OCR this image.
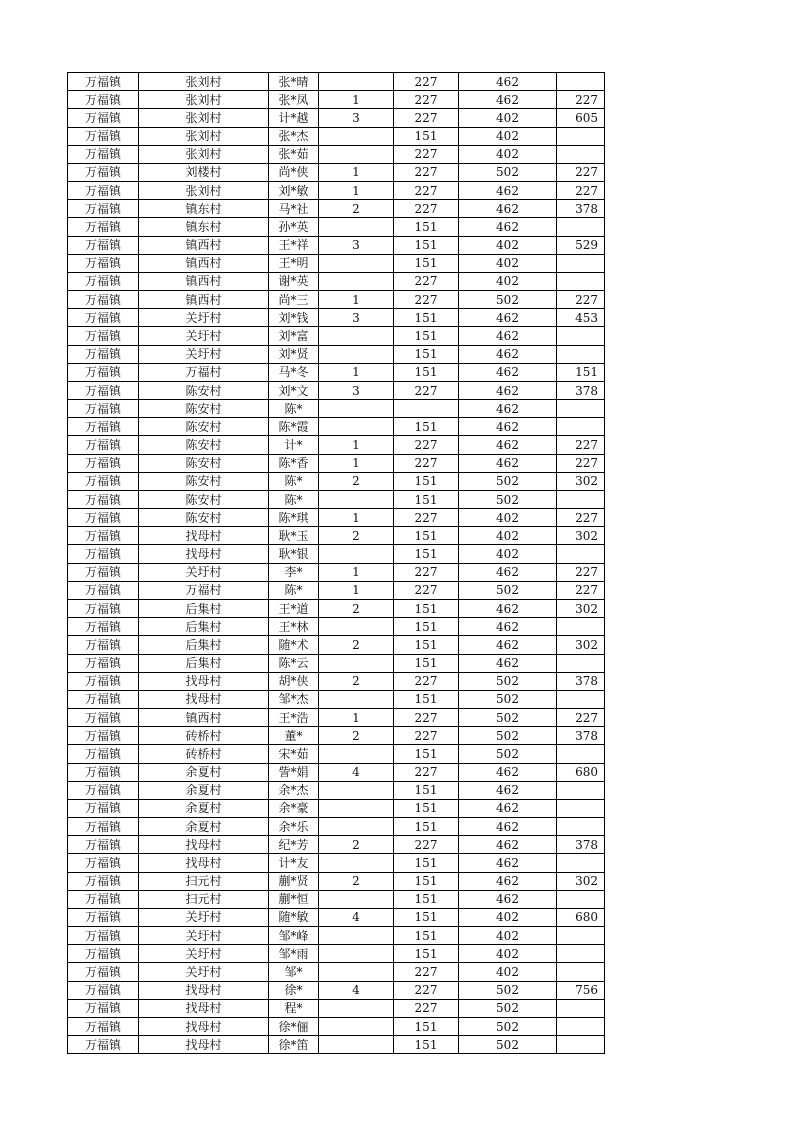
万福镇	张刘村	张*晴		227	462	
万福镇	张刘村	张*凤	1	227	462	227
万福镇	张刘村	计*越	3	227	402	605
万福镇	张刘村	张*杰		151	402	
万福镇	张刘村	张*茹		227	402	
万福镇	刘楼村	尚*侠	1	227	502	227
万福镇	张刘村	刘*敏	1	227	462	227
万福镇	镇东村	马*社	2	227	462	378
万福镇	镇东村	孙*英		151	462	
万福镇	镇西村	王*祥	3	151	402	529
万福镇	镇西村	王*明		151	402	
万福镇	镇西村	谢*英		227	402	
万福镇	镇西村	尚*三	1	227	502	227
万福镇	关圩村	刘*钱	3	151	462	453
万福镇	关圩村	刘*富		151	462	
万福镇	关圩村	刘*贤		151	462	
万福镇	万福村	马*冬	1	151	462	151
万福镇	陈安村	刘*文	3	227	462	378
万福镇	陈安村	陈*			462	
万福镇	陈安村	陈*霞		151	462	
万福镇	陈安村	计*	1	227	462	227
万福镇	陈安村	陈*香	1	227	462	227
万福镇	陈安村	陈*	2	151	502	302
万福镇	陈安村	陈*		151	502	
万福镇	陈安村	陈*琪	1	227	402	227
万福镇	找母村	耿*玉	2	151	402	302
万福镇	找母村	耿*银		151	402	
万福镇	关圩村	李*	1	227	462	227
万福镇	万福村	陈*	1	227	502	227
万福镇	后集村	王*道	2	151	462	302
万福镇	后集村	王*林		151	462	
万福镇	后集村	随*术	2	151	462	302
万福镇	后集村	陈*云		151	462	
万福镇	找母村	胡*侠	2	227	502	378
万福镇	找母村	邹*杰		151	502	
万福镇	镇西村	王*浩	1	227	502	227
万福镇	砖桥村	董*	2	227	502	378
万福镇	砖桥村	宋*茹		151	502	
万福镇	余夏村	訾*娟	4	227	462	680
万福镇	余夏村	余*杰		151	462	
万福镇	余夏村	余*豪		151	462	
万福镇	余夏村	余*乐		151	462	
万福镇	找母村	纪*芳	2	227	462	378
万福镇	找母村	计*友		151	462	
万福镇	扫元村	蒯*贤	2	151	462	302
万福镇	扫元村	蒯*恒		151	462	
万福镇	关圩村	随*敏	4	151	402	680
万福镇	关圩村	邹*峰		151	402	
万福镇	关圩村	邹*雨		151	402	
万福镇	关圩村	邹*		227	402	
万福镇	找母村	徐*	4	227	502	756
万福镇	找母村	程*		227	502	
万福镇	找母村	徐*俪		151	502	
万福镇	找母村	徐*笛		151	502	
